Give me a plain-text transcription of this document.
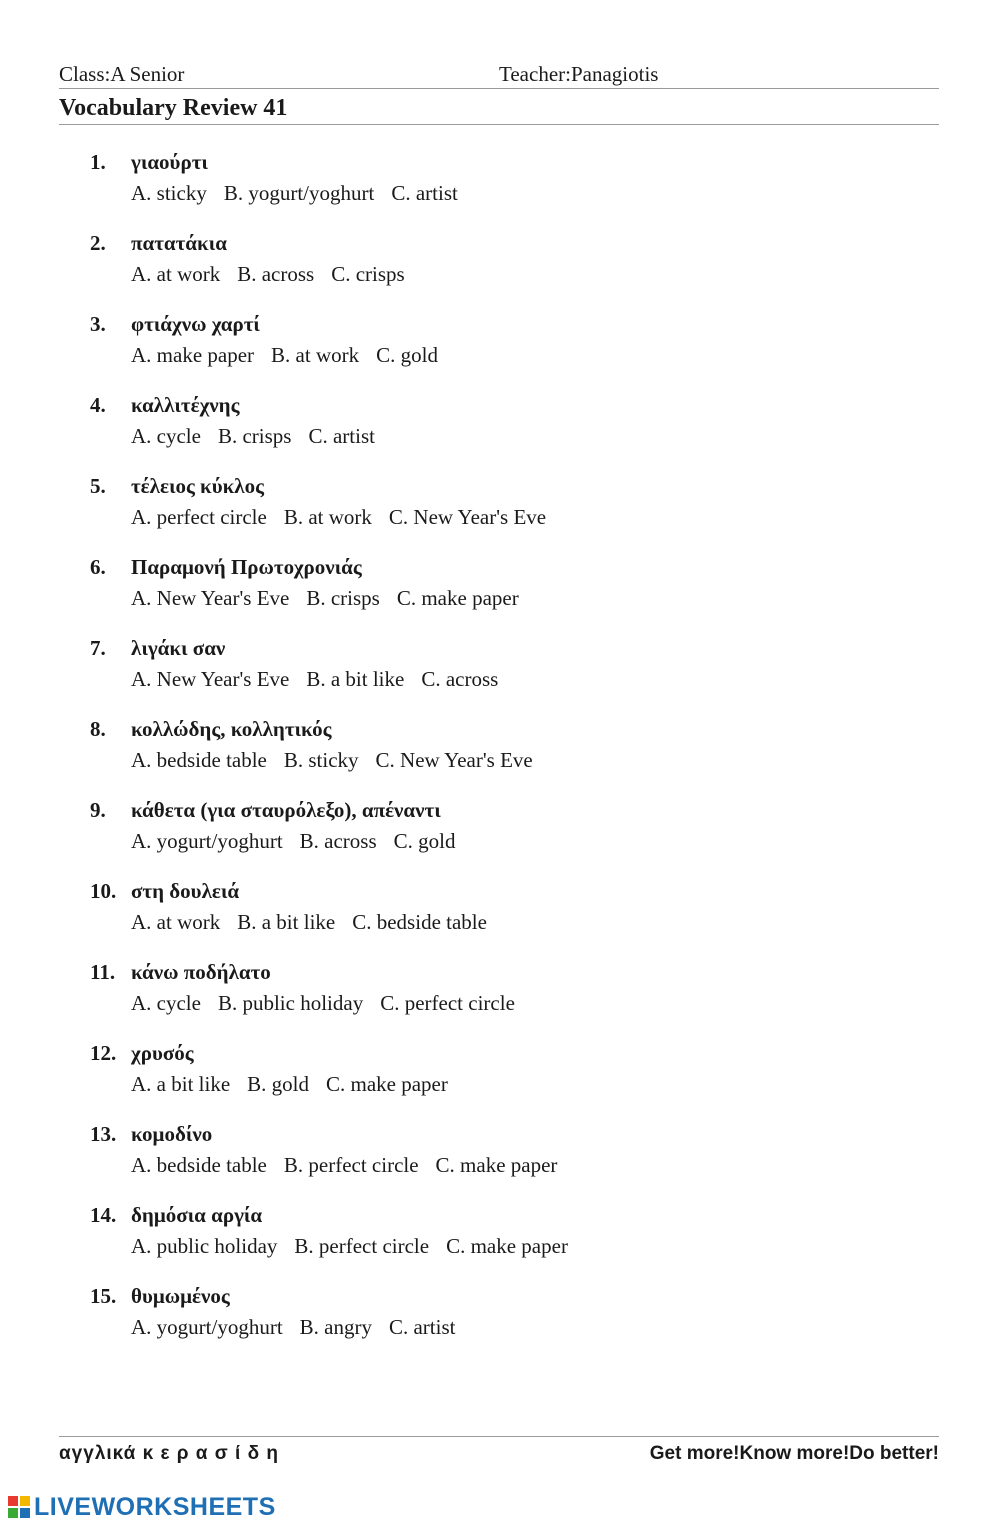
Class:A Senior	Teacher:Panagiotis
Vocabulary Review 41
1. γιαούρτι
A. sticky B. yogurt/yoghurt C. artist
2. πατατάκια
A. at work B. across C. crisps
3. φτιάχνω χαρτί
A. make paper B. at work C. gold
4. καλλιτέχνης
A. cycle B. crisps C. artist
5. τέλειος κύκλος
A. perfect circle B. at work C. New Year's Eve
6. Παραμονή Πρωτοχρονιάς
A. New Year's Eve B. crisps C. make paper
7. λιγάκι σαν
A. New Year's Eve B. a bit like C. across
8. κολλώδης, κολλητικός
A. bedside table B. sticky C. New Year's Eve
9. κάθετα (για σταυρόλεξο), απέναντι
A. yogurt/yoghurt B. across C. gold
10. στη δουλειά
A. at work B. a bit like C. bedside table
11. κάνω ποδήλατο
A. cycle B. public holiday C. perfect circle
12. χρυσός
A. a bit like B. gold C. make paper
13. κομοδίνο
A. bedside table B. perfect circle C. make paper
14. δημόσια αργία
A. public holiday B. perfect circle C. make paper
15. θυμωμένος
A. yogurt/yoghurt B. angry C. artist
αγγλικά κ ε ρ α σ ί δ η	Get more!Know more!Do better!
LIVEWORKSHEETS
